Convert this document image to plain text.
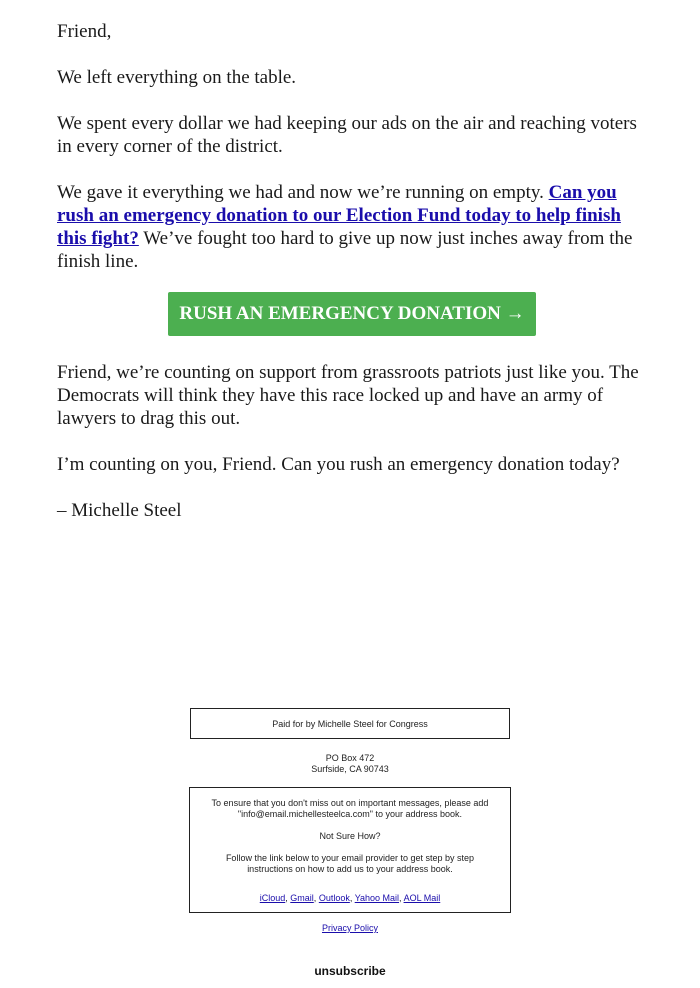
Friend,

We left everything on the table.

We spent every dollar we had keeping our ads on the air and reaching voters in every corner of the district.

We gave it everything we had and now we’re running on empty. Can you rush an emergency donation to our Election Fund today to help finish this fight? We’ve fought too hard to give up now just inches away from the finish line.

RUSH AN EMERGENCY DONATION →

Friend, we’re counting on support from grassroots patriots just like you. The Democrats will think they have this race locked up and have an army of lawyers to drag this out.

I’m counting on you, Friend. Can you rush an emergency donation today?

– Michelle Steel

Paid for by Michelle Steel for Congress
PO Box 472
Surfside, CA 90743

To ensure that you don't miss out on important messages, please add "info@email.michellesteelca.com" to your address book.

Not Sure How?

Follow the link below to your email provider to get step by step instructions on how to add us to your address book.

iCloud, Gmail, Outlook, Yahoo Mail, AOL Mail

Privacy Policy
unsubscribe
